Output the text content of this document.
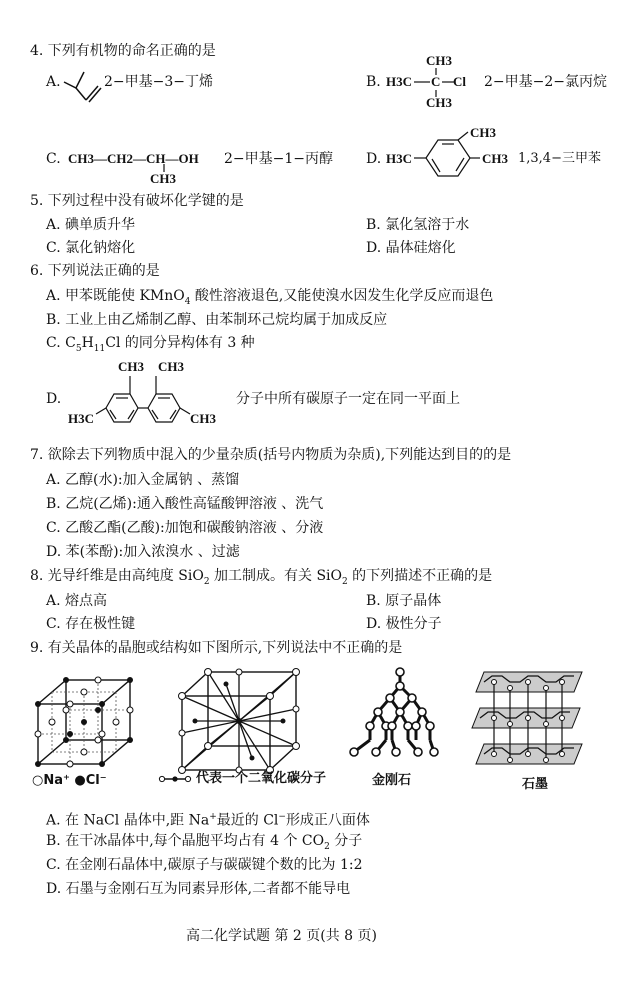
4. 下列有机物的命名正确的是
A.	2−甲基−3−丁烯	B.
CH3
H3C C Cl
CH3
2−甲基−2−氯丙烷
C. CH3—CH2—CH—OH
CH3
2−甲基−1−丙醇 D. H3C	CH3
CH3
1,3,4−三甲苯
5. 下列过程中没有破坏化学键的是
A. 碘单质升华	B. 氯化氢溶于水
C. 氯化钠熔化	D. 晶体硅熔化
6. 下列说法正确的是
A. 甲苯既能使 KMnO$_4$ 酸性溶液退色,又能使溴水因发生化学反应而退色
B. 工业上由乙烯制乙醇、由苯制环己烷均属于加成反应
C. $C_5H_{11}Cl$ 的同分异构体有 3 种
D.
CH3 CH3
H3C	CH3
分子中所有碳原子一定在同一平面上
7. 欲除去下列物质中混入的少量杂质(括号内物质为杂质),下列能达到目的的是
A. 乙醇(水):加入金属钠 、蒸馏
B. 乙烷(乙烯):通入酸性高锰酸钾溶液 、洗气
C. 乙酸乙酯(乙酸):加饱和碳酸钠溶液 、分液
D. 苯(苯酚):加入浓溴水 、过滤
8. 光导纤维是由高纯度 SiO$_2$ 加工制成。有关 SiO$_2$ 的下列描述不正确的是
A. 熔点高	B. 原子晶体
C. 存在极性键	D. 极性分子
9. 有关晶体的晶胞或结构如下图所示,下列说法中不正确的是
○Na⁺ ●Cl⁻	代表一个二氧化碳分子	金刚石	石墨
A. 在 NaCl 晶体中,距 Na+最近的 Cl−形成正八面体
B. 在干冰晶体中,每个晶胞平均占有 4 个 $CO_2$ 分子
C. 在金刚石晶体中,碳原子与碳碳键个数的比为 1:2
D. 石墨与金刚石互为同素异形体,二者都不能导电
高二化学试题 第 2 页(共 8 页)
